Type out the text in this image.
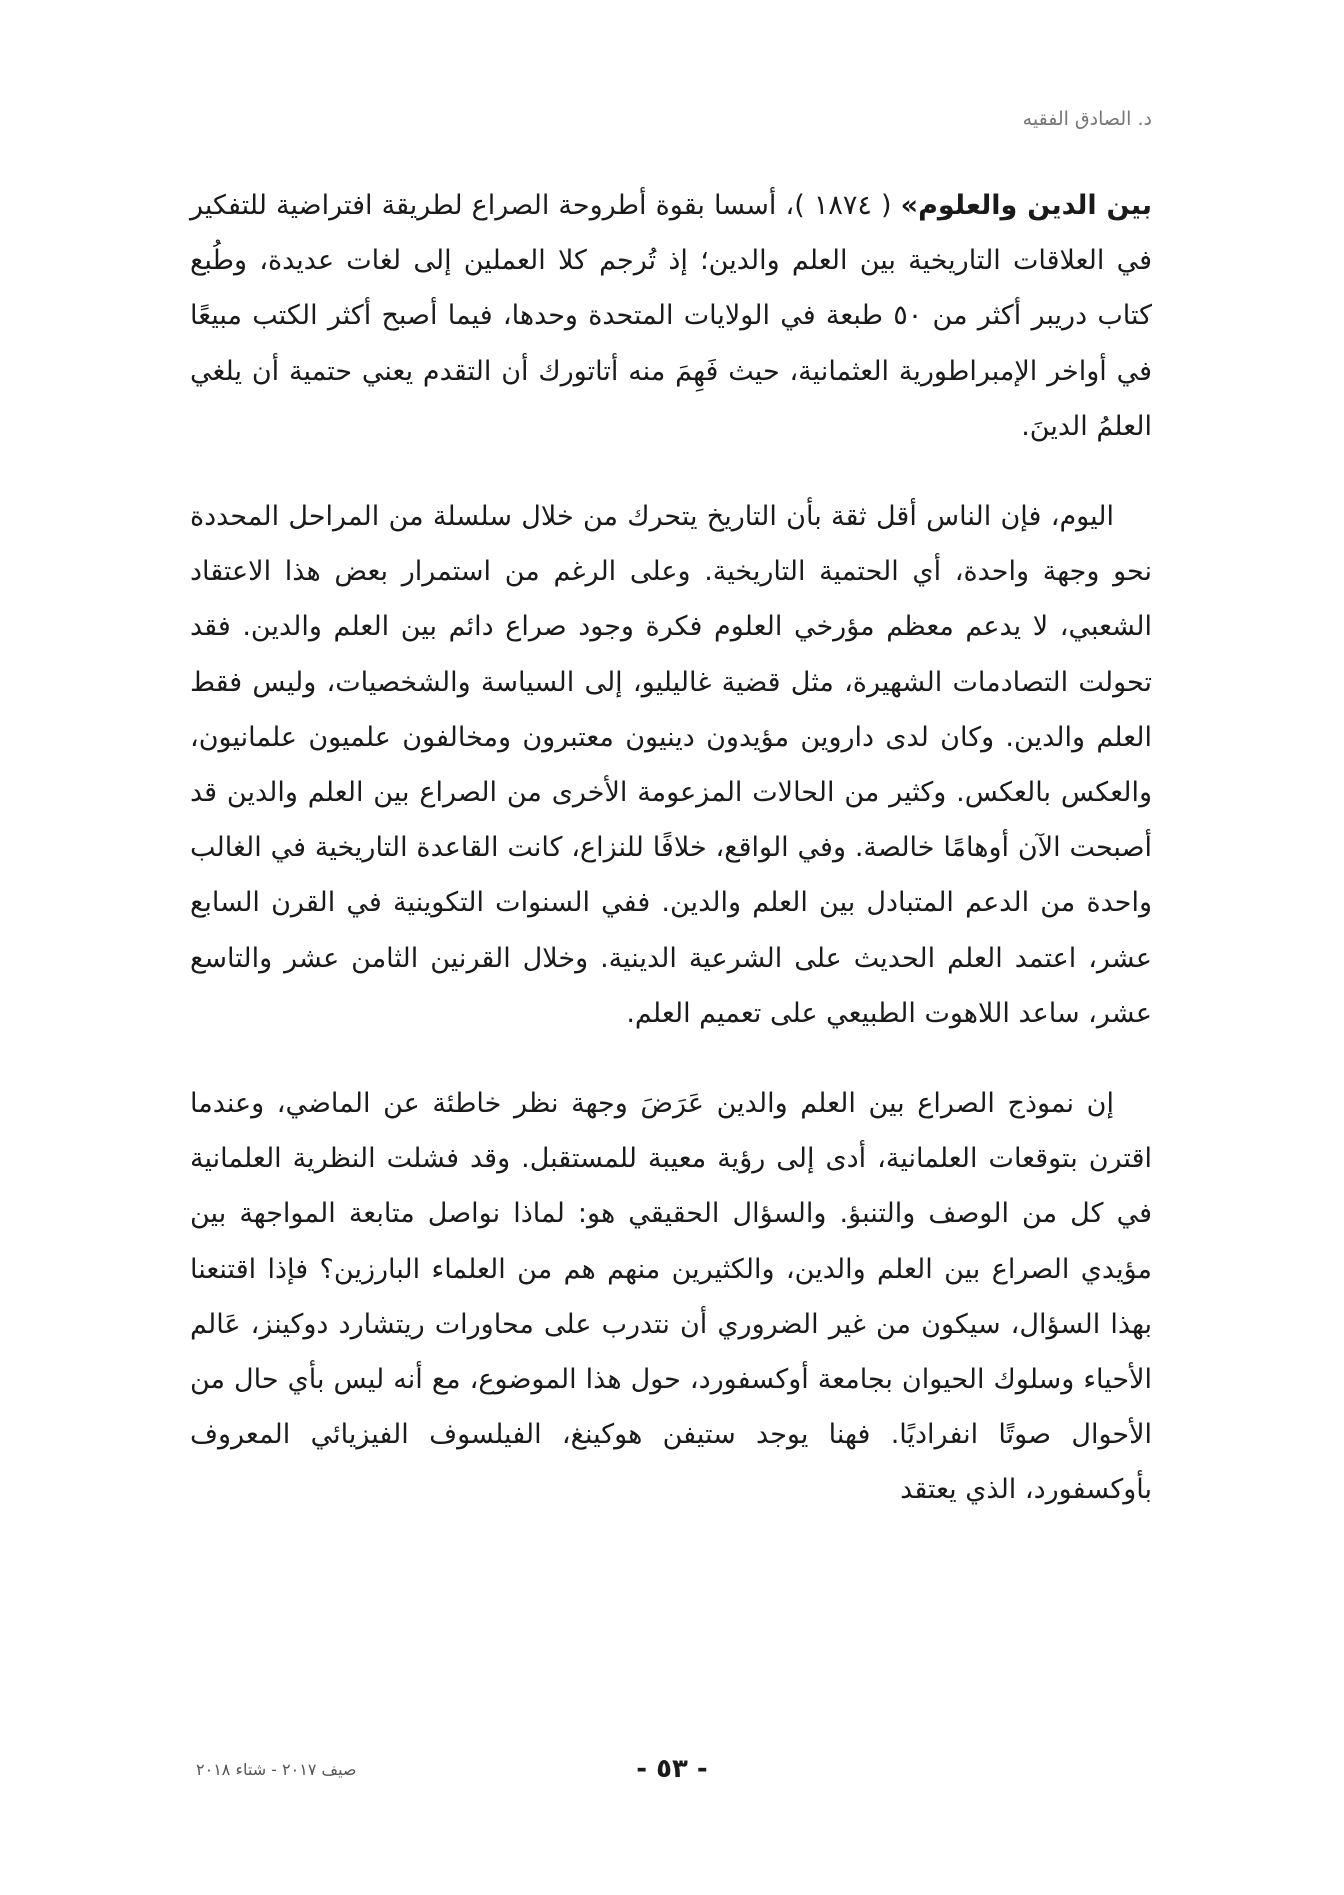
د. الصادق الفقيه

بين الدين والعلوم» ( ١٨٧٤ )، أسسا بقوة أطروحة الصراع لطريقة افتراضية للتفكير في العلاقات التاريخية بين العلم والدين؛ إذ تُرجم كلا العملين إلى لغات عديدة، وطُبع كتاب دريبر أكثر من ٥٠ طبعة في الولايات المتحدة وحدها، فيما أصبح أكثر الكتب مبيعًا في أواخر الإمبراطورية العثمانية، حيث فَهِمَ منه أتاتورك أن التقدم يعني حتمية أن يلغي العلمُ الدينَ.

اليوم، فإن الناس أقل ثقة بأن التاريخ يتحرك من خلال سلسلة من المراحل المحددة نحو وجهة واحدة، أي الحتمية التاريخية. وعلى الرغم من استمرار بعض هذا الاعتقاد الشعبي، لا يدعم معظم مؤرخي العلوم فكرة وجود صراع دائم بين العلم والدين. فقد تحولت التصادمات الشهيرة، مثل قضية غاليليو، إلى السياسة والشخصيات، وليس فقط العلم والدين. وكان لدى داروين مؤيدون دينيون معتبرون ومخالفون علميون علمانيون، والعكس بالعكس. وكثير من الحالات المزعومة الأخرى من الصراع بين العلم والدين قد أصبحت الآن أوهامًا خالصة. وفي الواقع، خلافًا للنزاع، كانت القاعدة التاريخية في الغالب واحدة من الدعم المتبادل بين العلم والدين. ففي السنوات التكوينية في القرن السابع عشر، اعتمد العلم الحديث على الشرعية الدينية. وخلال القرنين الثامن عشر والتاسع عشر، ساعد اللاهوت الطبيعي على تعميم العلم.

إن نموذج الصراع بين العلم والدين عَرَضَ وجهة نظر خاطئة عن الماضي، وعندما اقترن بتوقعات العلمانية، أدى إلى رؤية معيبة للمستقبل. وقد فشلت النظرية العلمانية في كل من الوصف والتنبؤ. والسؤال الحقيقي هو: لماذا نواصل متابعة المواجهة بين مؤيدي الصراع بين العلم والدين، والكثيرين منهم هم من العلماء البارزين؟ فإذا اقتنعنا بهذا السؤال، سيكون من غير الضروري أن نتدرب على محاورات ريتشارد دوكينز، عَالم الأحياء وسلوك الحيوان بجامعة أوكسفورد، حول هذا الموضوع، مع أنه ليس بأي حال من الأحوال صوتًا انفراديًا. فهنا يوجد ستيفن هوكينغ، الفيلسوف الفيزيائي المعروف بأوكسفورد، الذي يعتقد

صيف ٢٠١٧ - شتاء ٢٠١٨	- ٥٣ -
